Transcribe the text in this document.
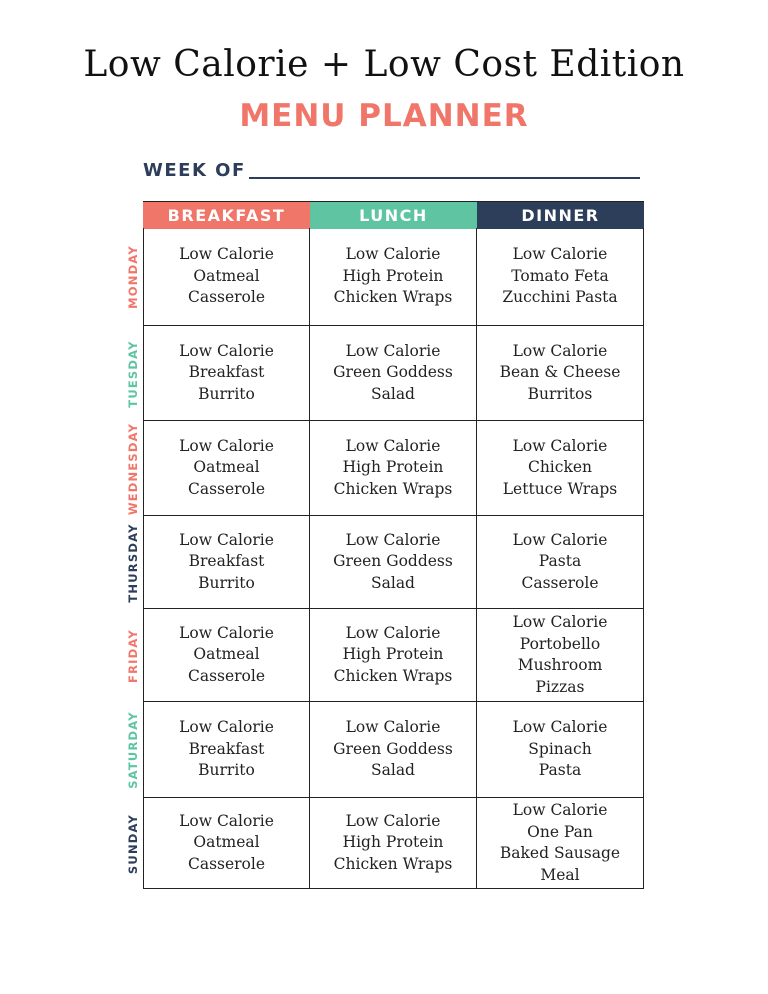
Low Calorie + Low Cost Edition
MENU PLANNER
WEEK OF
BREAKFAST	LUNCH	DINNER
Low Calorie
Oatmeal
Casserole
Low Calorie
High Protein
Chicken Wraps
Low Calorie
Tomato Feta
Zucchini Pasta
Low Calorie
Breakfast
Burrito
Low Calorie
Green Goddess
Salad
Low Calorie
Bean & Cheese
Burritos
Low Calorie
Oatmeal
Casserole
Low Calorie
High Protein
Chicken Wraps
Low Calorie
Chicken
Lettuce Wraps
Low Calorie
Breakfast
Burrito
Low Calorie
Green Goddess
Salad
Low Calorie
Pasta
Casserole
Low Calorie
Oatmeal
Casserole
Low Calorie
High Protein
Chicken Wraps
Low Calorie
Portobello
Mushroom
Pizzas
Low Calorie
Breakfast
Burrito
Low Calorie
Green Goddess
Salad
Low Calorie
Spinach
Pasta
Low Calorie
Oatmeal
Casserole
Low Calorie
High Protein
Chicken Wraps
Low Calorie
One Pan
Baked Sausage
Meal
MONDAY
TUESDAY
WEDNESDAY
THURSDAY
FRIDAY
SATURDAY
SUNDAY
